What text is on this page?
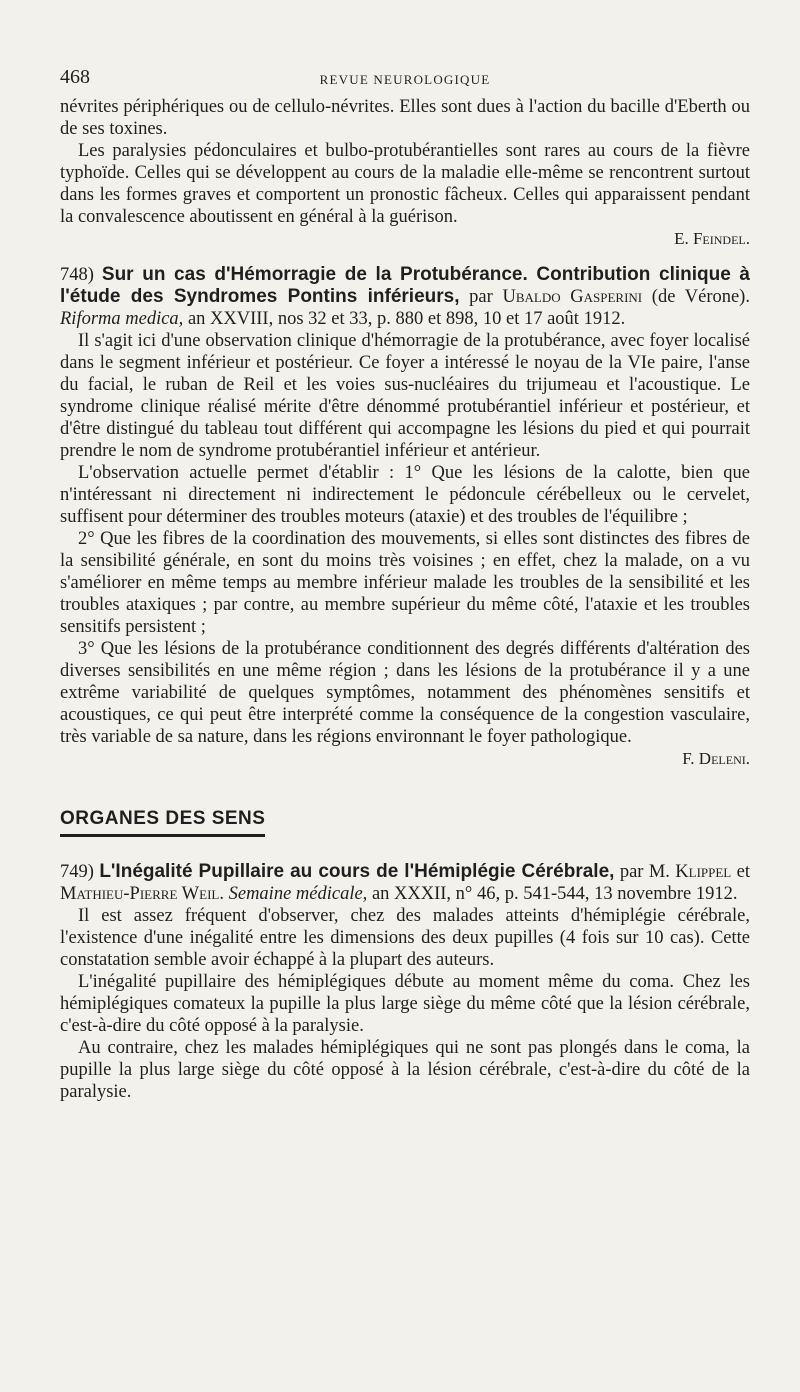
468	REVUE NEUROLOGIQUE

névrites périphériques ou de cellulo-névrites. Elles sont dues à l'action du bacille d'Eberth ou de ses toxines.

Les paralysies pédonculaires et bulbo-protubérantielles sont rares au cours de la fièvre typhoïde. Celles qui se développent au cours de la maladie elle-même se rencontrent surtout dans les formes graves et comportent un pronostic fâcheux. Celles qui apparaissent pendant la convalescence aboutissent en général à la guérison.

E. Feindel.

748) Sur un cas d'Hémorragie de la Protubérance. Contribution clinique à l'étude des Syndromes Pontins inférieurs, par Ubaldo Gasperini (de Vérone). Riforma medica, an XXVIII, nos 32 et 33, p. 880 et 898, 10 et 17 août 1912.

Il s'agit ici d'une observation clinique d'hémorragie de la protubérance, avec foyer localisé dans le segment inférieur et postérieur. Ce foyer a intéressé le noyau de la VIe paire, l'anse du facial, le ruban de Reil et les voies sus-nucléaires du trijumeau et l'acoustique. Le syndrome clinique réalisé mérite d'être dénommé protubérantiel inférieur et postérieur, et d'être distingué du tableau tout différent qui accompagne les lésions du pied et qui pourrait prendre le nom de syndrome protubérantiel inférieur et antérieur.

L'observation actuelle permet d'établir : 1° Que les lésions de la calotte, bien que n'intéressant ni directement ni indirectement le pédoncule cérébelleux ou le cervelet, suffisent pour déterminer des troubles moteurs (ataxie) et des troubles de l'équilibre ;

2° Que les fibres de la coordination des mouvements, si elles sont distinctes des fibres de la sensibilité générale, en sont du moins très voisines ; en effet, chez la malade, on a vu s'améliorer en même temps au membre inférieur malade les troubles de la sensibilité et les troubles ataxiques ; par contre, au membre supérieur du même côté, l'ataxie et les troubles sensitifs persistent ;

3° Que les lésions de la protubérance conditionnent des degrés différents d'altération des diverses sensibilités en une même région ; dans les lésions de la protubérance il y a une extrême variabilité de quelques symptômes, notamment des phénomènes sensitifs et acoustiques, ce qui peut être interprété comme la conséquence de la congestion vasculaire, très variable de sa nature, dans les régions environnant le foyer pathologique.

F. Deleni.

ORGANES DES SENS

749) L'Inégalité Pupillaire au cours de l'Hémiplégie Cérébrale, par M. Klippel et Mathieu-Pierre Weil. Semaine médicale, an XXXII, n° 46, p. 541-544, 13 novembre 1912.

Il est assez fréquent d'observer, chez des malades atteints d'hémiplégie cérébrale, l'existence d'une inégalité entre les dimensions des deux pupilles (4 fois sur 10 cas). Cette constatation semble avoir échappé à la plupart des auteurs.

L'inégalité pupillaire des hémiplégiques débute au moment même du coma. Chez les hémiplégiques comateux la pupille la plus large siège du même côté que la lésion cérébrale, c'est-à-dire du côté opposé à la paralysie.

Au contraire, chez les malades hémiplégiques qui ne sont pas plongés dans le coma, la pupille la plus large siège du côté opposé à la lésion cérébrale, c'est-à-dire du côté de la paralysie.
